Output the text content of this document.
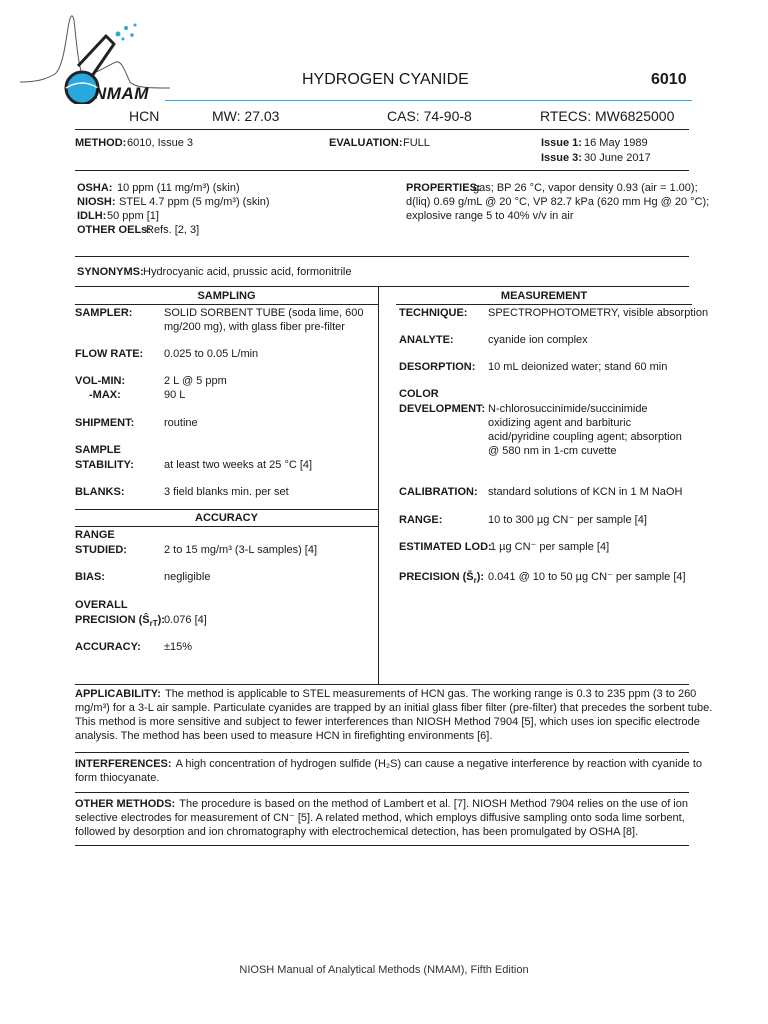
NMAM
HYDROGEN CYANIDE	6010
HCN	MW: 27.03	CAS: 74-90-8	RTECS: MW6825000
METHOD: 6010, Issue 3	EVALUATION: FULL	Issue 1: 16 May 1989
Issue 3: 30 June 2017
OSHA: 10 ppm (11 mg/m³) (skin)
NIOSH: STEL 4.7 ppm (5 mg/m³) (skin)
IDLH: 50 ppm [1]
OTHER OELs:
Refs. [2, 3]
PROPERTIES:
gas; BP 26 °C, vapor density 0.93 (air = 1.00);
d(liq) 0.69 g/mL @ 20 °C, VP 82.7 kPa (620 mm Hg @ 20 °C);
explosive range 5 to 40% v/v in air
SYNONYMS: Hydrocyanic acid, prussic acid, formonitrile
SAMPLING	MEASUREMENT
SAMPLER:	SOLID SORBENT TUBE (soda lime, 600
mg/200 mg), with glass fiber pre-filter
FLOW RATE: 0.025 to 0.05 L/min
VOL-MIN:	2 L @ 5 ppm
-MAX:	90 L
SHIPMENT:	routine
SAMPLE
STABILITY:	at least two weeks at 25 °C [4]
BLANKS:	3 field blanks min. per set
ACCURACY
RANGE
STUDIED:	2 to 15 mg/m³ (3-L samples) [4]
BIAS:	negligible
OVERALL
PRECISION $(Ŝ_{rT})$: 0.076 [4]
ACCURACY: ±15%
TECHNIQUE: SPECTROPHOTOMETRY, visible absorption
ANALYTE:	cyanide ion complex
DESORPTION: 10 mL deionized water; stand 60 min
COLOR
DEVELOPMENT: N-chlorosuccinimide/succinimide
oxidizing agent and barbituric
acid/pyridine coupling agent; absorption
@ 580 nm in 1-cm cuvette
CALIBRATION: standard solutions of KCN in 1 M NaOH
RANGE:	10 to 300 µg CN⁻ per sample [4]
ESTIMATED LOD:
1 µg CN⁻ per sample [4]
PRECISION $(S̄_r)$: 0.041 @ 10 to 50 µg CN⁻ per sample [4]
APPLICABILITY: The method is applicable to STEL measurements of HCN gas. The working range is 0.3 to 235 ppm (3 to 260
mg/m³) for a 3-L air sample. Particulate cyanides are trapped by an initial glass fiber filter (pre-filter) that precedes the sorbent tube.
This method is more sensitive and subject to fewer interferences than NIOSH Method 7904 [5], which uses ion specific electrode
analysis. The method has been used to measure HCN in firefighting environments [6].
INTERFERENCES: A high concentration of hydrogen sulfide (H₂S) can cause a negative interference by reaction with cyanide to
form thiocyanate.
OTHER METHODS: The procedure is based on the method of Lambert et al. [7]. NIOSH Method 7904 relies on the use of ion
selective electrodes for measurement of CN⁻ [5]. A related method, which employs diffusive sampling onto soda lime sorbent,
followed by desorption and ion chromatography with electrochemical detection, has been promulgated by OSHA [8].
NIOSH Manual of Analytical Methods (NMAM), Fifth Edition
